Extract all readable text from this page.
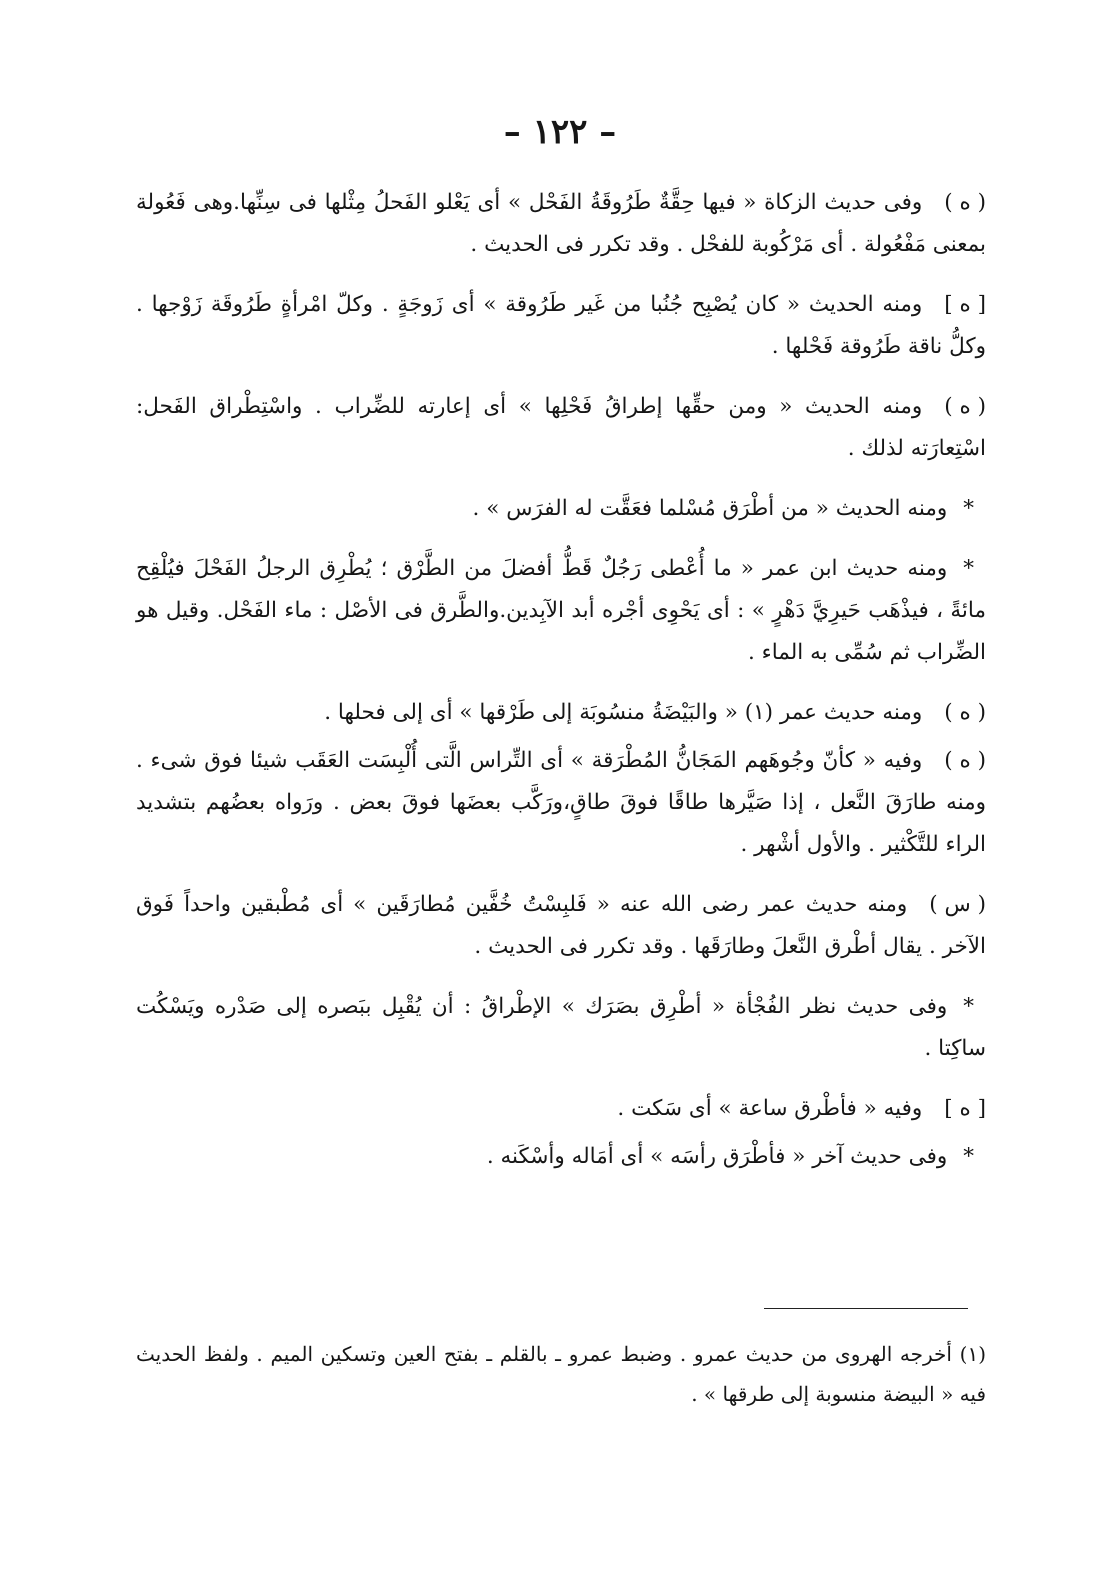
– ١٢٢ –

( ه )وفى حديث الزكاة « فيها حِقَّةٌ طَرُوقَةُ الفَحْل » أى يَعْلو الفَحلُ مِثْلها فى سِنِّها.وهى فَعُولة بمعنى مَفْعُولة . أى مَرْكُوبة للفحْل . وقد تكرر فى الحديث .

[ ه ]ومنه الحديث « كان يُصْبِح جُنُبا من غَير طَرُوقة » أى زَوجَةٍ . وكلّ امْرأةٍ طَرُوقَة زَوْجها . وكلُّ ناقة طَرُوقة فَحْلها .

( ه )ومنه الحديث « ومن حقِّها إطراقُ فَحْلِها » أى إعارته للضِّراب . واسْتِطْراق الفَحل: اسْتِعارَته لذلك .

*ومنه الحديث « من أطْرَق مُسْلما فعَقَّت له الفرَس » .

*ومنه حديث ابن عمر « ما أُعْطى رَجُلٌ قَطُّ أفضلَ من الطَّرْق ؛ يُطْرِق الرجلُ الفَحْلَ فيُلْقِح مائةً ، فيذْهَب حَيرِيَّ دَهْرٍ » : أى يَحْوِى أجْره أبد الآبِدين.والطَّرق فى الأصْل : ماء الفَحْل. وقيل هو الضِّراب ثم سُمِّى به الماء .

( ه )ومنه حديث عمر (١) « والبَيْضَةُ منسُوبَة إلى طَرْقها » أى إلى فحلها .

( ه )وفيه « كأنّ وجُوهَهم المَجَانُّ المُطْرَقة » أى التِّراس الَّتى أُلْبِسَت العَقَب شيئا فوق شىء . ومنه طارَقَ النَّعل ، إذا صَيَّرها طاقًا فوقَ طاقٍ،ورَكَّب بعضَها فوقَ بعض . ورَواه بعضُهم بتشديد الراء للتَّكْثير . والأول أشْهر .

( س )ومنه حديث عمر رضى الله عنه « فَلبِسْتُ خُفَّين مُطارَقَين » أى مُطْبقين واحداً فَوق الآخر . يقال أطْرق النَّعلَ وطارَقَها . وقد تكرر فى الحديث .

*وفى حديث نظر الفُجْأة « أطْرِق بصَرَك » الإطْراقُ : أن يُقْبِل ببَصره إلى صَدْره ويَسْكُت ساكِتا .

[ ه ]وفيه « فأطْرق ساعة » أى سَكت .

*وفى حديث آخر « فأطْرَق رأسَه » أى أمَاله وأسْكَنه .

(١) أخرجه الهروى من حديث عمرو . وضبط عمرو ـ بالقلم ـ بفتح العين وتسكين الميم . ولفظ الحديث فيه « البيضة منسوبة إلى طرقها » .
